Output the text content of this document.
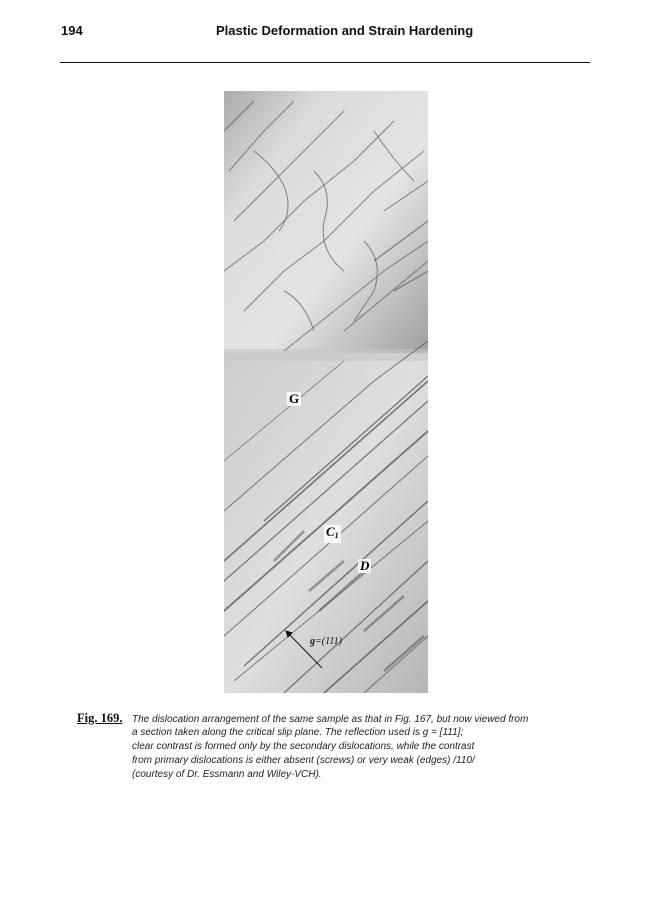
194	Plastic Deformation and Strain Hardening
G
$C_1$
D
g=(111)
Fig. 169. The dislocation arrangement of the same sample as that in Fig. 167, but now viewed from
a section taken along the critical slip plane. The reflection used is g = [111];
clear contrast is formed only by the secondary dislocations, while the contrast
from primary dislocations is either absent (screws) or very weak (edges) /110/
(courtesy of Dr. Essmann and Wiley-VCH).
